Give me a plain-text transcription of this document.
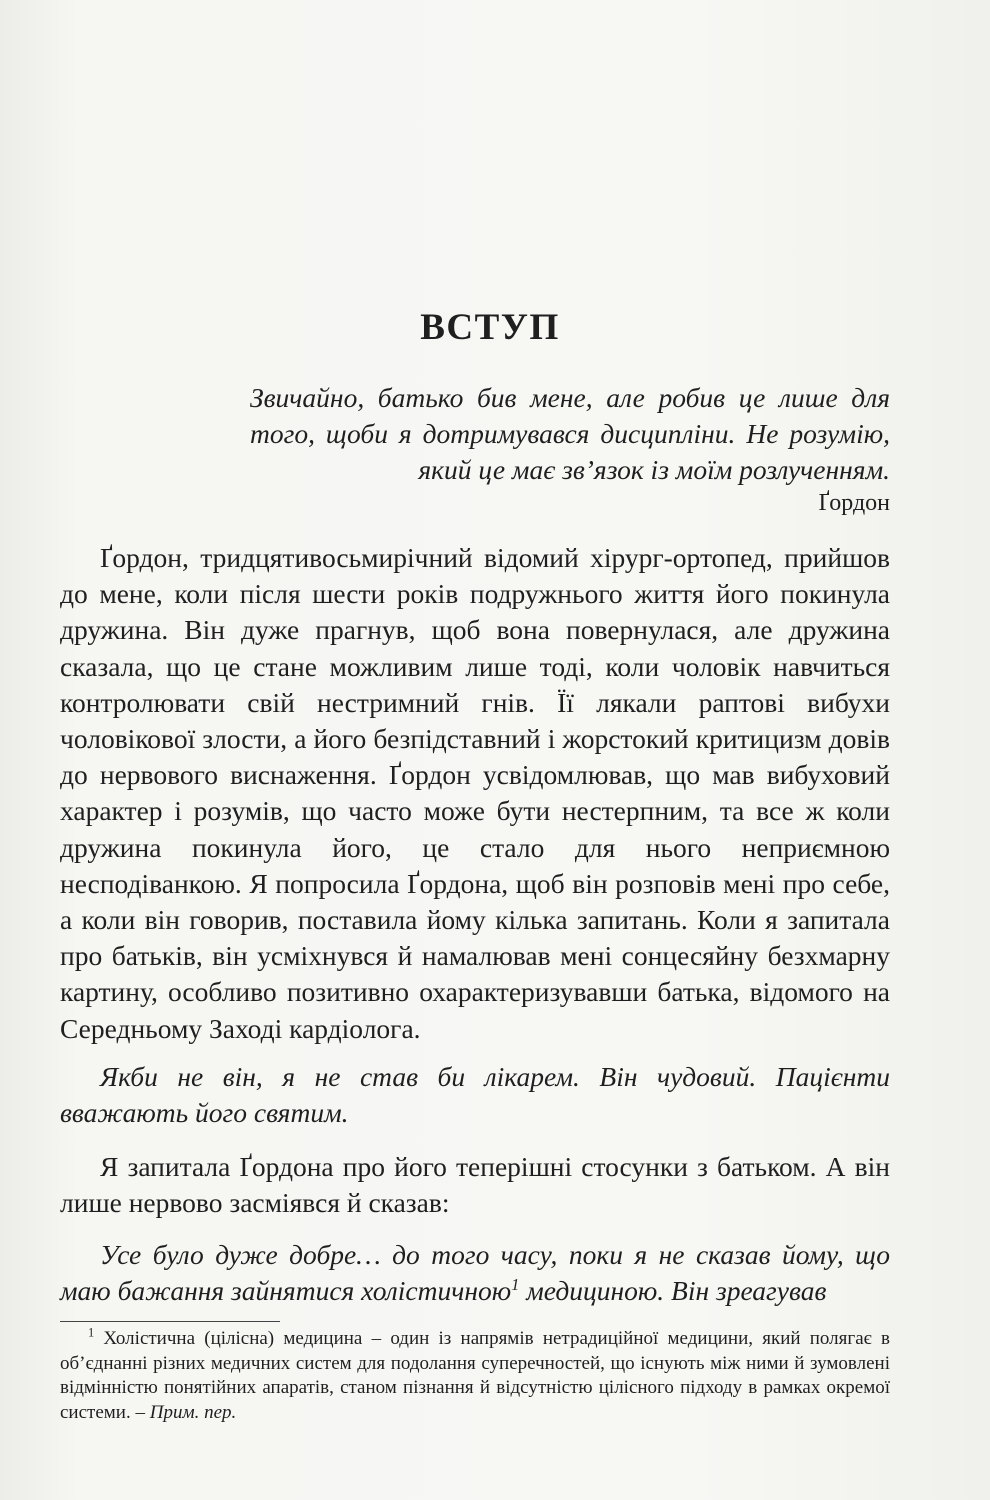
ВСТУП

Звичайно, батько бив мене, але робив це лише для того, щоби я дотримувався дисципліни. Не розумію, який це має зв’язок із моїм розлученням.

Ґордон

Ґордон, тридцятивосьмирічний відомий хірург-ортопед, прийшов до мене, коли після шести років подружнього життя його покинула дружина. Він дуже прагнув, щоб вона повернулася, але дружина сказала, що це стане можливим лише тоді, коли чоловік навчиться контролювати свій нестримний гнів. Її лякали раптові вибухи чоловікової злости, а його безпідставний і жорстокий критицизм довів до нервового виснаження. Ґордон усвідомлював, що мав вибуховий характер і розумів, що часто може бути нестерпним, та все ж коли дружина покинула його, це стало для нього неприємною несподіванкою. Я попросила Ґордона, щоб він розповів мені про себе, а коли він говорив, поставила йому кілька запитань. Коли я запитала про батьків, він усміхнувся й намалював мені сонцесяйну безхмарну картину, особливо позитивно охарактеризувавши батька, відомого на Середньому Заході кардіолога.

Якби не він, я не став би лікарем. Він чудовий. Пацієнти вважають його святим.

Я запитала Ґордона про його теперішні стосунки з батьком. А він лише нервово засміявся й сказав:

Усе було дуже добре… до того часу, поки я не сказав йому, що маю бажання зайнятися холістичною$^1$ медициною. Він зреагував

$^1$ Холістична (цілісна) медицина – один із напрямів нетрадиційної медицини, який полягає в об’єднанні різних медичних систем для подолання суперечностей, що існують між ними й зумовлені відмінністю понятійних апаратів, станом пізнання й відсутністю цілісного підходу в рамках окремої системи. – Прим. пер.
